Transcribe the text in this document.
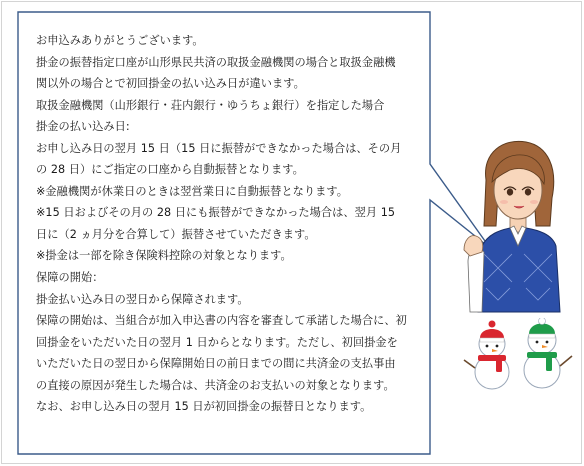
お申込みありがとうございます。
掛金の振替指定口座が山形県民共済の取扱金融機関の場合と取扱金融機
関以外の場合とで初回掛金の払い込み日が違います。
取扱金融機関（山形銀行・荘内銀行・ゆうちょ銀行）を指定した場合
掛金の払い込み日:
お申し込み日の翌月 15 日（15 日に振替ができなかった場合は、その月
の 28 日）にご指定の口座から自動振替となります。
※金融機関が休業日のときは翌営業日に自動振替となります。
※15 日およびその月の 28 日にも振替ができなかった場合は、翌月 15
日に（2 ヵ月分を合算して）振替させていただきます。
※掛金は一部を除き保険料控除の対象となります。
保障の開始：
掛金払い込み日の翌日から保障されます。
保障の開始は、当組合が加入申込書の内容を審査して承諾した場合に、初
回掛金をいただいた日の翌月 1 日からとなります。ただし、初回掛金を
いただいた日の翌日から保障開始日の前日までの間に共済金の支払事由
の直接の原因が発生した場合は、共済金のお支払いの対象となります。
なお、お申し込み日の翌月 15 日が初回掛金の振替日となります。
